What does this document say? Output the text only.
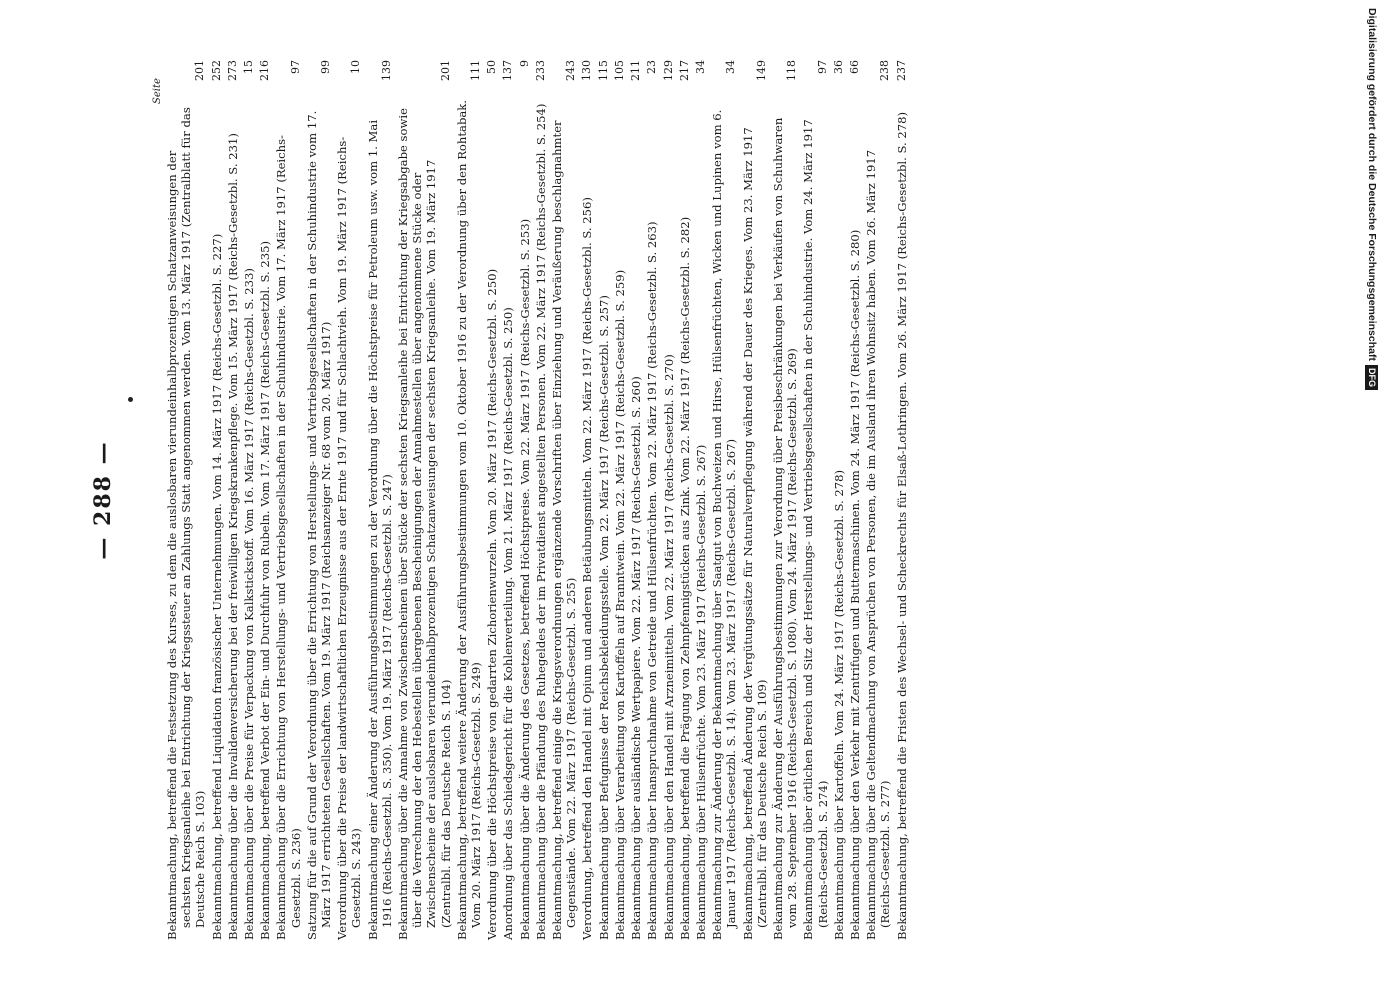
— 288 —
Seite
Bekanntmachung, betreffend die Festsetzung des Kurses, zu dem die auslosbaren vierundeinhalbprozentigen Schatzanweisungen der sechsten Kriegsanleihe bei Entrichtung der Kriegssteuer an Zahlungs Statt angenommen werden. Vom 13. März 1917 (Zentralblatt für das Deutsche Reich S. 103)
201
Bekanntmachung, betreffend Liquidation französischer Unternehmungen. Vom 14. März 1917 (Reichs-Gesetzbl. S. 227)
252
Bekanntmachung über die Invalidenversicherung bei der freiwilligen Kriegskrankenpflege. Vom 15. März 1917 (Reichs-Gesetzbl. S. 231)
273
Bekanntmachung über die Preise für Verpackung von Kalkstickstoff. Vom 16. März 1917 (Reichs-Gesetzbl. S. 233)
15
Bekanntmachung, betreffend Verbot der Ein- und Durchfuhr von Rubeln. Vom 17. März 1917 (Reichs-Gesetzbl. S. 235)
216
Bekanntmachung über die Errichtung von Herstellungs- und Vertriebsgesellschaften in der Schuhindustrie. Vom 17. März 1917 (Reichs-Gesetzbl. S. 236)
97
Satzung für die auf Grund der Verordnung über die Errichtung von Herstellungs- und Vertriebsgesellschaften in der Schuhindustrie vom 17. März 1917 errichteten Gesellschaften. Vom 19. März 1917 (Reichsanzeiger Nr. 68 vom 20. März 1917)
99
Verordnung über die Preise der landwirtschaftlichen Erzeugnisse aus der Ernte 1917 und für Schlachtvieh. Vom 19. März 1917 (Reichs-Gesetzbl. S. 243)
10
Bekanntmachung einer Änderung der Ausführungsbestimmungen zu der Verordnung über die Höchstpreise für Petroleum usw. vom 1. Mai 1916 (Reichs-Gesetzbl. S. 350). Vom 19. März 1917 (Reichs-Gesetzbl. S. 247)
139
Bekanntmachung über die Annahme von Zwischenscheinen über Stücke der sechsten Kriegsanleihe bei Entrichtung der Kriegsabgabe sowie über die Verrechnung der den Hebestellen übergebenen Bescheinigungen der Annahmestellen über angenommene Stücke oder Zwischenscheine der auslosbaren vierundeinhalbprozentigen Schatzanweisungen der sechsten Kriegsanleihe. Vom 19. März 1917 (Zentralbl. für das Deutsche Reich S. 104)
201
Bekanntmachung, betreffend weitere Änderung der Ausführungsbestimmungen vom 10. Oktober 1916 zu der Verordnung über den Rohtabak. Vom 20. März 1917 (Reichs-Gesetzbl. S. 249)
111
Verordnung über die Höchstpreise von gedarrten Zichorienwurzeln. Vom 20. März 1917 (Reichs-Gesetzbl. S. 250)
50
Anordnung über das Schiedsgericht für die Kohlenverteilung. Vom 21. März 1917 (Reichs-Gesetzbl. S. 250)
137
Bekanntmachung über die Änderung des Gesetzes, betreffend Höchstpreise. Vom 22. März 1917 (Reichs-Gesetzbl. S. 253)
9
Bekanntmachung über die Pfändung des Ruhegeldes der im Privatdienst angestellten Personen. Vom 22. März 1917 (Reichs-Gesetzbl. S. 254)
233
Bekanntmachung, betreffend einige die Kriegsverordnungen ergänzende Vorschriften über Einziehung und Veräußerung beschlagnahmter Gegenstände. Vom 22. März 1917 (Reichs-Gesetzbl. S. 255)
243
Verordnung, betreffend den Handel mit Opium und anderen Betäubungsmitteln. Vom 22. März 1917 (Reichs-Gesetzbl. S. 256)
130
Bekanntmachung über Befugnisse der Reichsbekleidungsstelle. Vom 22. März 1917 (Reichs-Gesetzbl. S. 257)
115
Bekanntmachung über Verarbeitung von Kartoffeln auf Branntwein. Vom 22. März 1917 (Reichs-Gesetzbl. S. 259)
105
Bekanntmachung über ausländische Wertpapiere. Vom 22. März 1917 (Reichs-Gesetzbl. S. 260)
211
Bekanntmachung über Inanspruchnahme von Getreide und Hülsenfrüchten. Vom 22. März 1917 (Reichs-Gesetzbl. S. 263)
23
Bekanntmachung über den Handel mit Arzneimitteln. Vom 22. März 1917 (Reichs-Gesetzbl. S. 270)
129
Bekanntmachung, betreffend die Prägung von Zehnpfennigstücken aus Zink. Vom 22. März 1917 (Reichs-Gesetzbl. S. 282)
217
Bekanntmachung über Hülsenfrüchte. Vom 23. März 1917 (Reichs-Gesetzbl. S. 267)
34
Bekanntmachung zur Änderung der Bekanntmachung über Saatgut von Buchweizen und Hirse, Hülsenfrüchten, Wicken und Lupinen vom 6. Januar 1917 (Reichs-Gesetzbl. S. 14). Vom 23. März 1917 (Reichs-Gesetzbl. S. 267)
34
Bekanntmachung, betreffend Änderung der Vergütungssätze für Naturalverpflegung während der Dauer des Krieges. Vom 23. März 1917 (Zentralbl. für das Deutsche Reich S. 109)
149
Bekanntmachung zur Änderung der Ausführungsbestimmungen zur Verordnung über Preisbeschränkungen bei Verkäufen von Schuhwaren vom 28. September 1916 (Reichs-Gesetzbl. S. 1080). Vom 24. März 1917 (Reichs-Gesetzbl. S. 269)
118
Bekanntmachung über örtlichen Bereich und Sitz der Herstellungs- und Vertriebsgesellschaften in der Schuhindustrie. Vom 24. März 1917 (Reichs-Gesetzbl. S. 274)
97
Bekanntmachung über Kartoffeln. Vom 24. März 1917 (Reichs-Gesetzbl. S. 278)
36
Bekanntmachung über den Verkehr mit Zentrifugen und Buttermaschinen. Vom 24. März 1917 (Reichs-Gesetzbl. S. 280)
66
Bekanntmachung über die Geltendmachung von Ansprüchen von Personen, die im Ausland ihren Wohnsitz haben. Vom 26. März 1917 (Reichs-Gesetzbl. S. 277)
238
Bekanntmachung, betreffend die Fristen des Wechsel- und Scheckrechts für Elsaß-Lothringen. Vom 26. März 1917 (Reichs-Gesetzbl. S. 278)
237	Digitalisierung gefördert durch die Deutsche Forschungsgemeinschaft
DFG
